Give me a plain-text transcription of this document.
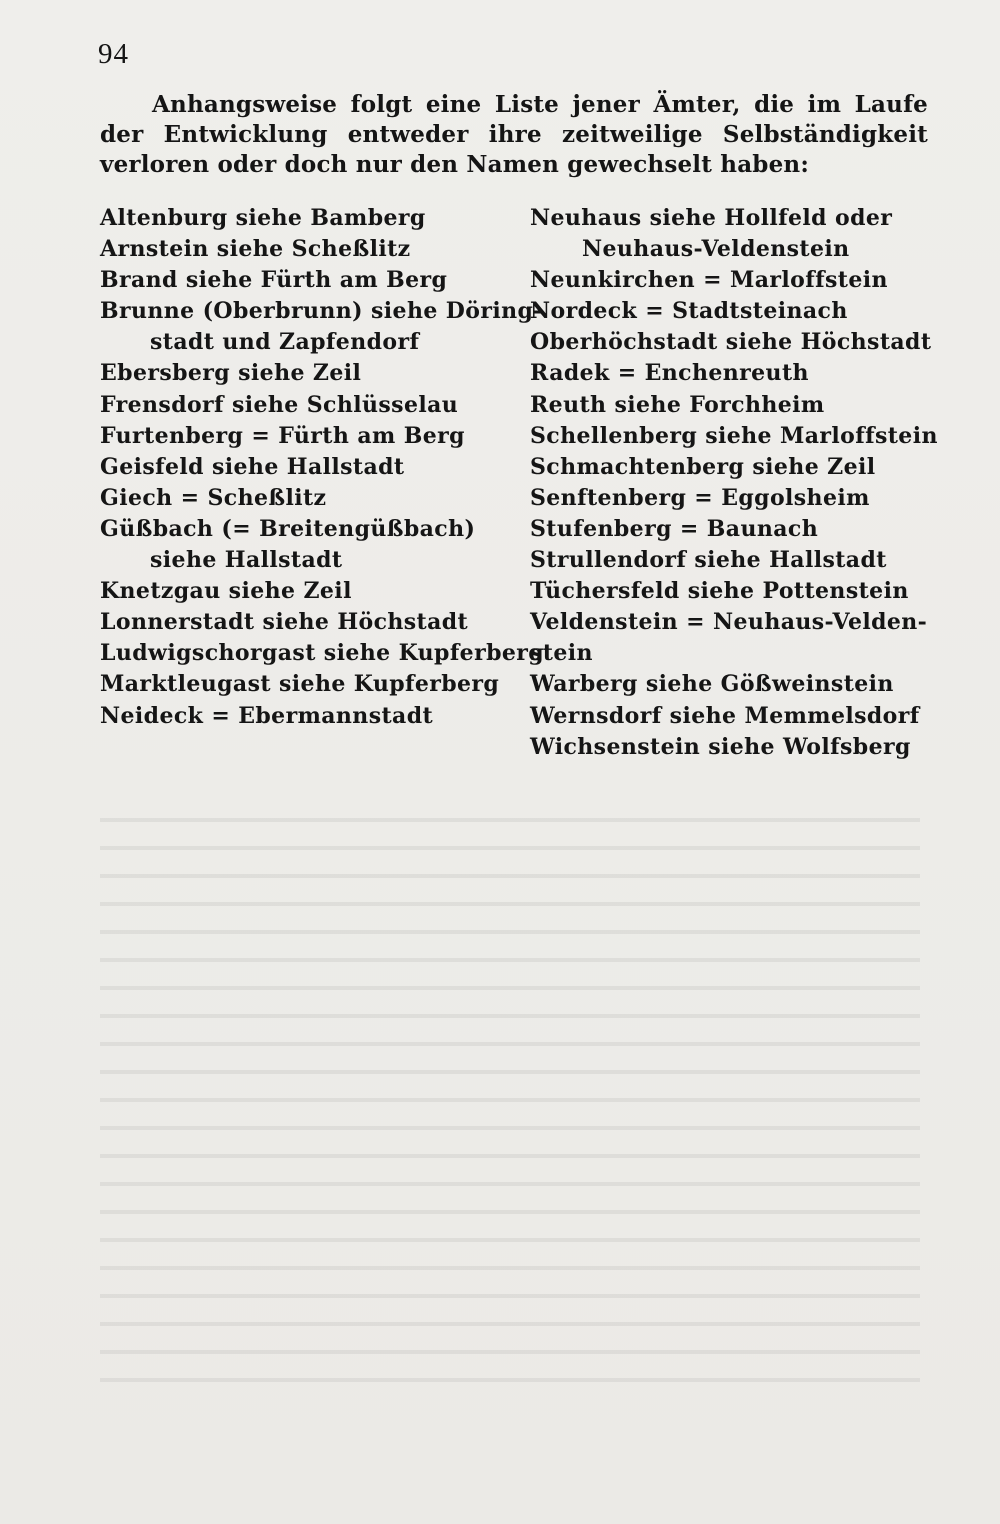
94
Anhangsweise folgt eine Liste jener Ämter, die im Laufe der Entwicklung entweder ihre zeitweilige Selbständigkeit verloren oder doch nur den Namen gewechselt haben:
Altenburg siehe Bamberg
Arnstein siehe Scheßlitz
Brand siehe Fürth am Berg
Brunne (Oberbrunn) siehe Döring-
stadt und Zapfendorf
Ebersberg siehe Zeil
Frensdorf siehe Schlüsselau
Furtenberg = Fürth am Berg
Geisfeld siehe Hallstadt
Giech = Scheßlitz
Güßbach (= Breitengüßbach)
siehe Hallstadt
Knetzgau siehe Zeil
Lonnerstadt siehe Höchstadt
Ludwigschorgast siehe Kupferberg
Marktleugast siehe Kupferberg
Neideck = Ebermannstadt
Neuhaus siehe Hollfeld oder
Neuhaus-Veldenstein
Neunkirchen = Marloffstein
Nordeck = Stadtsteinach
Oberhöchstadt siehe Höchstadt
Radek = Enchenreuth
Reuth siehe Forchheim
Schellenberg siehe Marloffstein
Schmachtenberg siehe Zeil
Senftenberg = Eggolsheim
Stufenberg = Baunach
Strullendorf siehe Hallstadt
Tüchersfeld siehe Pottenstein
Veldenstein = Neuhaus-Velden-
stein
Warberg siehe Gößweinstein
Wernsdorf siehe Memmelsdorf
Wichsenstein siehe Wolfsberg
